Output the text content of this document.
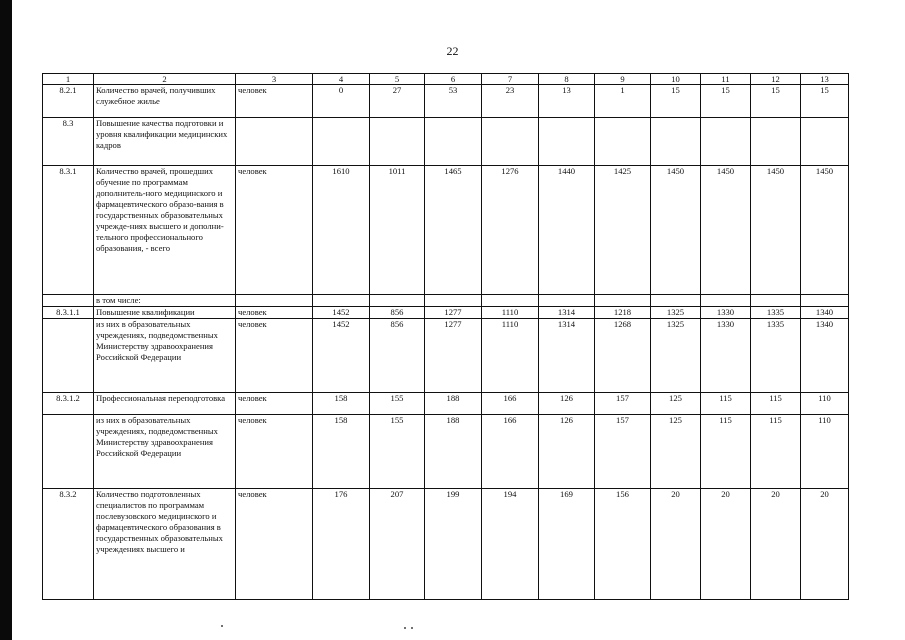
22
1	2	3	4	5	6	7	8	9	10	11	12	13
8.2.1	Количество врачей, получивших служебное жилье	человек	0	27	53	23	13	1	15	15	15	15
8.3	Повышение качества подготовки и уровня квалификации медицинских кадров											
8.3.1	Количество врачей, прошедших обучение по программам дополнитель-ного медицинского и фармацевтического образо-вания в государственных образовательных учрежде-ниях высшего и дополни-тельного профессионального образования, - всего	человек	1610	1011	1465	1276	1440	1425	1450	1450	1450	1450
	в том числе:											
8.3.1.1	Повышение квалификации	человек	1452	856	1277	1110	1314	1218	1325	1330	1335	1340
	из них в образовательных учреждениях, подведомственных Министерству здравоохранения Российской Федерации	человек	1452	856	1277	1110	1314	1268	1325	1330	1335	1340
8.3.1.2	Профессиональная переподготовка	человек	158	155	188	166	126	157	125	115	115	110
	из них в образовательных учреждениях, подведомственных Министерству здравоохранения Российской Федерации	человек	158	155	188	166	126	157	125	115	115	110
8.3.2	Количество подготовленных специалистов по программам послевузовского медицинского и фармацевтического образования в государственных образовательных учреждениях высшего и	человек	176	207	199	194	169	156	20	20	20	20
